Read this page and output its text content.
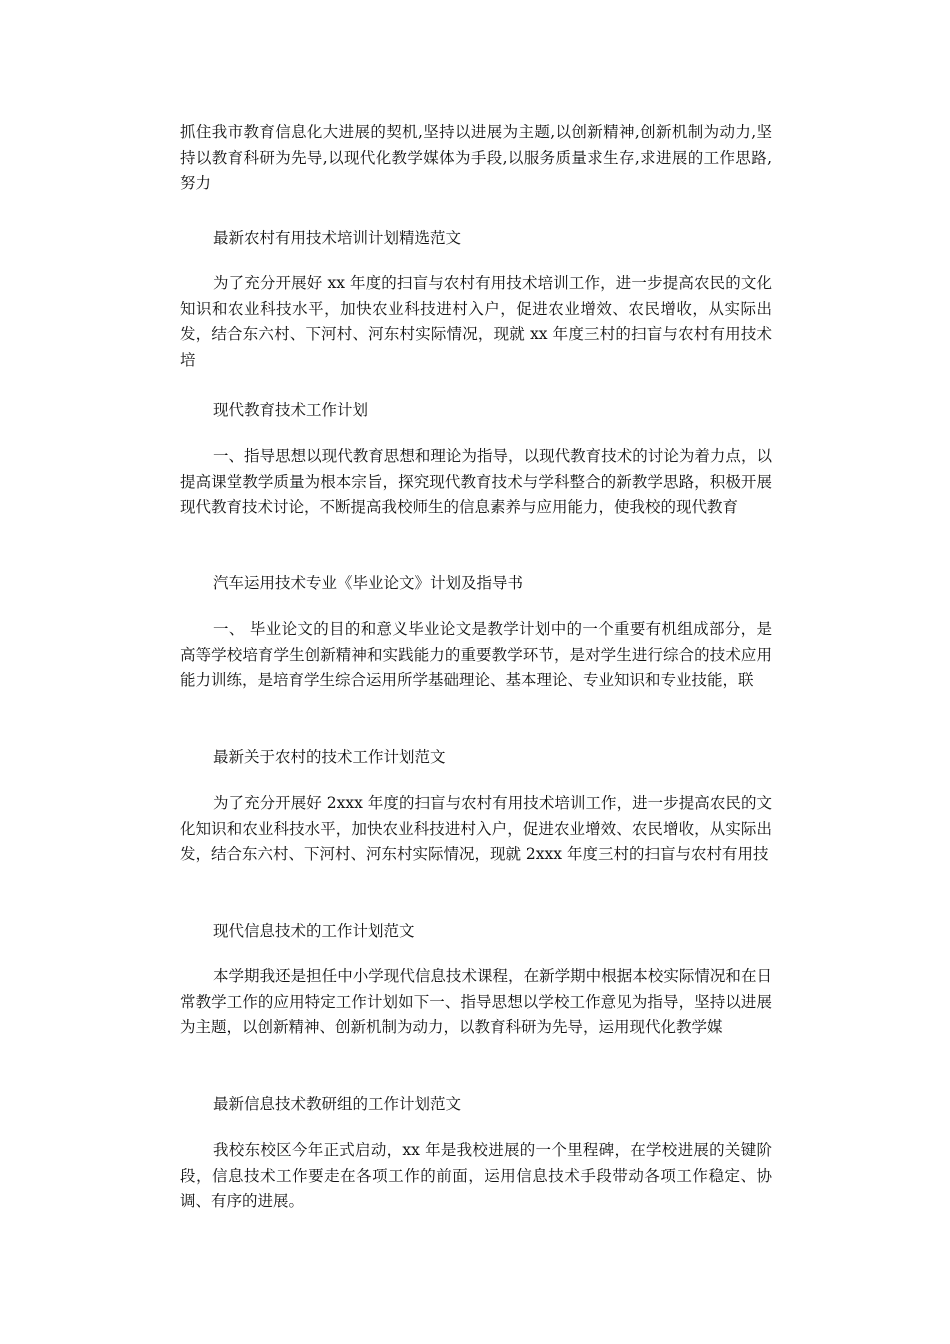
抓住我市教育信息化大进展的契机,坚持以进展为主题,以创新精神,创新机制为动力,坚持以教育科研为先导,以现代化教学媒体为手段,以服务质量求生存,求进展的工作思路,努力

最新农村有用技术培训计划精选范文

为了充分开展好 xx 年度的扫盲与农村有用技术培训工作，进一步提高农民的文化知识和农业科技水平，加快农业科技进村入户，促进农业增效、农民增收，从实际出发，结合东六村、下河村、河东村实际情况，现就 xx 年度三村的扫盲与农村有用技术培

现代教育技术工作计划

一、指导思想以现代教育思想和理论为指导，以现代教育技术的讨论为着力点，以提高课堂教学质量为根本宗旨，探究现代教育技术与学科整合的新教学思路，积极开展现代教育技术讨论，不断提高我校师生的信息素养与应用能力，使我校的现代教育

汽车运用技术专业《毕业论文》计划及指导书

一、 毕业论文的目的和意义毕业论文是教学计划中的一个重要有机组成部分，是高等学校培育学生创新精神和实践能力的重要教学环节，是对学生进行综合的技术应用能力训练，是培育学生综合运用所学基础理论、基本理论、专业知识和专业技能，联

最新关于农村的技术工作计划范文

为了充分开展好 2xxx 年度的扫盲与农村有用技术培训工作，进一步提高农民的文化知识和农业科技水平，加快农业科技进村入户，促进农业增效、农民增收，从实际出发，结合东六村、下河村、河东村实际情况，现就 2xxx 年度三村的扫盲与农村有用技

现代信息技术的工作计划范文

本学期我还是担任中小学现代信息技术课程，在新学期中根据本校实际情况和在日常教学工作的应用特定工作计划如下一、指导思想以学校工作意见为指导，坚持以进展为主题，以创新精神、创新机制为动力，以教育科研为先导，运用现代化教学媒

最新信息技术教研组的工作计划范文

我校东校区今年正式启动，xx 年是我校进展的一个里程碑，在学校进展的关键阶段，信息技术工作要走在各项工作的前面，运用信息技术手段带动各项工作稳定、协调、有序的进展。
